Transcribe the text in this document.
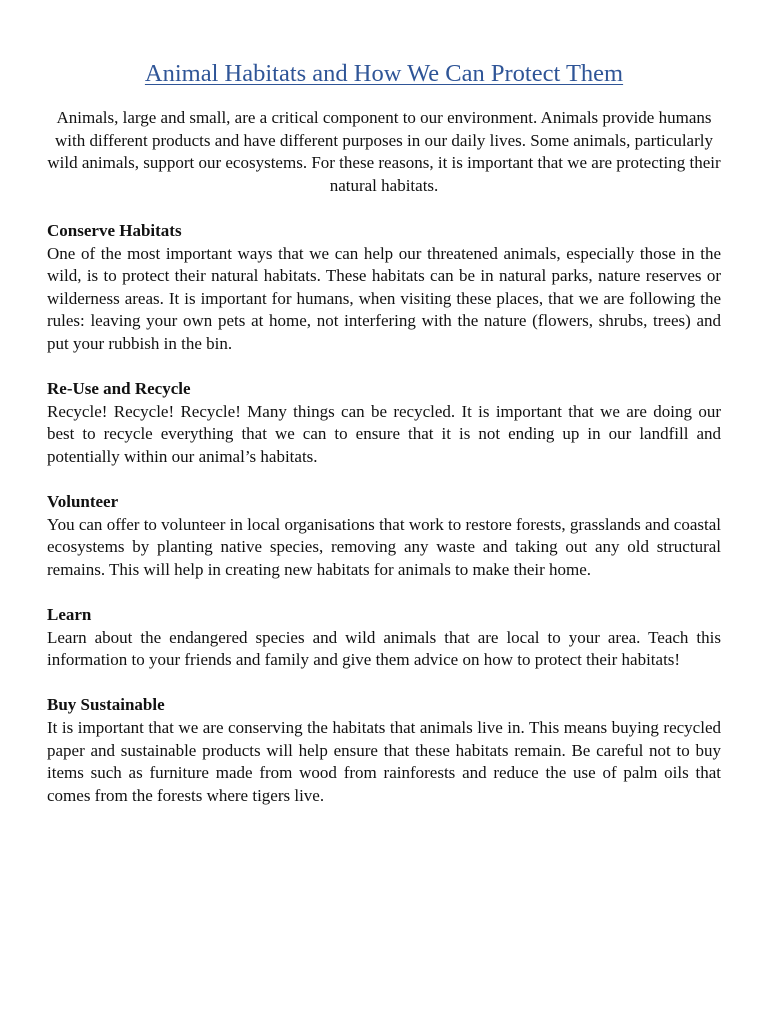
Animal Habitats and How We Can Protect Them

Animals, large and small, are a critical component to our environment. Animals provide humans with different products and have different purposes in our daily lives. Some animals, particularly wild animals, support our ecosystems. For these reasons, it is important that we are protecting their natural habitats.

Conserve Habitats

One of the most important ways that we can help our threatened animals, especially those in the wild, is to protect their natural habitats. These habitats can be in natural parks, nature reserves or wilderness areas. It is important for humans, when visiting these places, that we are following the rules: leaving your own pets at home, not interfering with the nature (flowers, shrubs, trees) and put your rubbish in the bin.

Re-Use and Recycle

Recycle! Recycle! Recycle! Many things can be recycled. It is important that we are doing our best to recycle everything that we can to ensure that it is not ending up in our landfill and potentially within our animal’s habitats.

Volunteer

You can offer to volunteer in local organisations that work to restore forests, grasslands and coastal ecosystems by planting native species, removing any waste and taking out any old structural remains. This will help in creating new habitats for animals to make their home.

Learn

Learn about the endangered species and wild animals that are local to your area. Teach this information to your friends and family and give them advice on how to protect their habitats!

Buy Sustainable

It is important that we are conserving the habitats that animals live in. This means buying recycled paper and sustainable products will help ensure that these habitats remain. Be careful not to buy items such as furniture made from wood from rainforests and reduce the use of palm oils that comes from the forests where tigers live.
